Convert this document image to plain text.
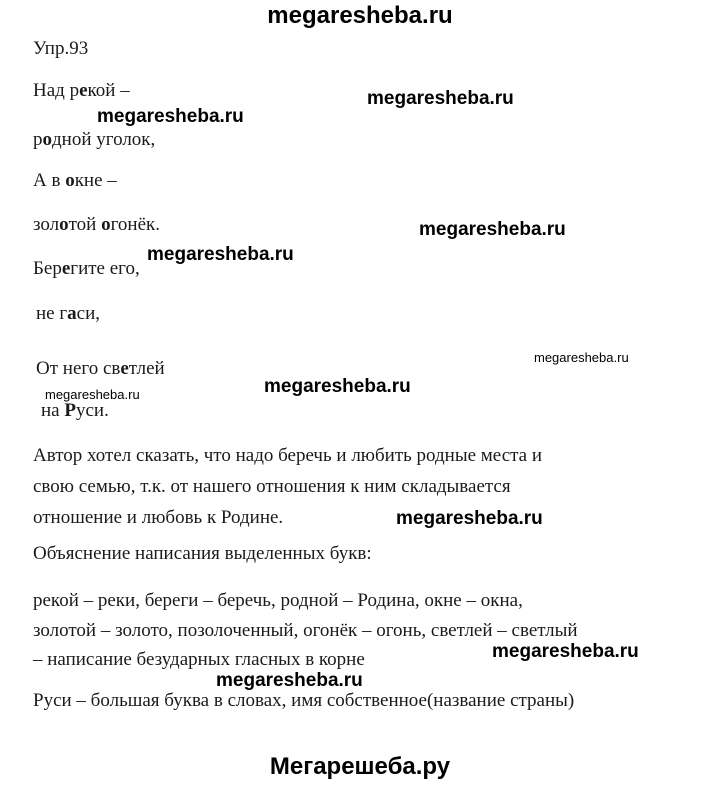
megaresheba.ru
Упр.93
Над рекой –
родной уголок,
А в окне –
золотой огонёк.
Берегите его,
не гаси,
От него светлей
на Руси.
Автор хотел сказать, что надо беречь и любить родные места и
свою семью, т.к. от нашего отношения к ним складывается
отношение и любовь к Родине.
Объяснение написания выделенных букв:
рекой – реки, береги – беречь, родной – Родина, окне – окна,
золотой – золото, позолоченный, огонёк – огонь, светлей – светлый
– написание безударных гласных в корне
Руси – большая буква в словах, имя собственное(название страны)
megaresheba.ru
megaresheba.ru
megaresheba.ru
megaresheba.ru
megaresheba.ru
megaresheba.ru
megaresheba.ru
megaresheba.ru
megaresheba.ru
megaresheba.ru
Мегарешеба.ру
